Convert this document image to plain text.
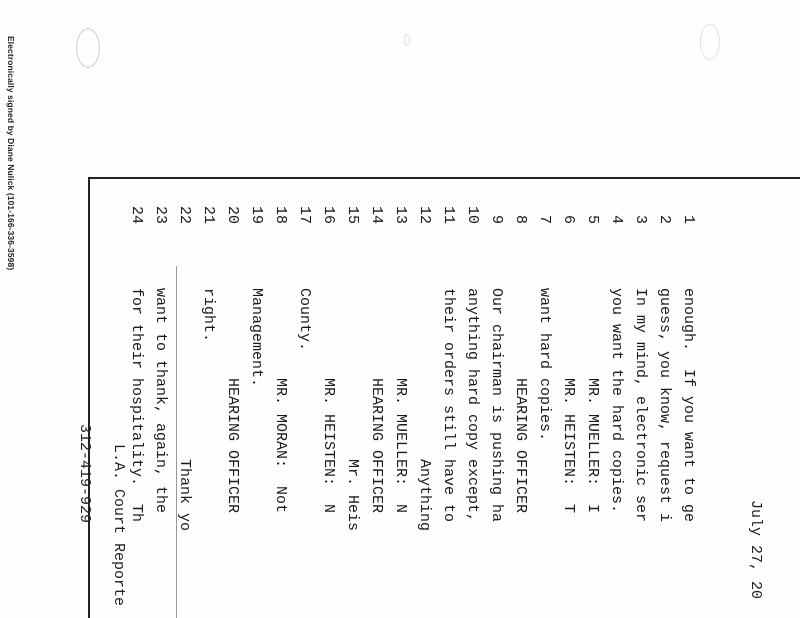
Electronically signed by Diane Nulick (101-166-336-3598)
July 27, 20
1
enough.  If you want to ge
2
guess, you know, request i
3
In my mind, electronic ser
4
you want the hard copies.
5
MR. MUELLER:  I
6
MR. HEISTEN:  T
7
want hard copies.
8
HEARING OFFICER
9
Our chairman is pushing ha
10
anything hard copy except,
11
their orders still have to
12
Anything
13
MR. MUELLER:  N
14
HEARING OFFICER
15
Mr. Heis
16
MR. HEISTEN:  N
17
County.
18
MR. MORAN:  Not
19
Management.
20
HEARING OFFICER
21
right.
22
Thank yo
23
want to thank, again, the
24
for their hospitality.  Th

L.A. Court Reporte

312-419-929
